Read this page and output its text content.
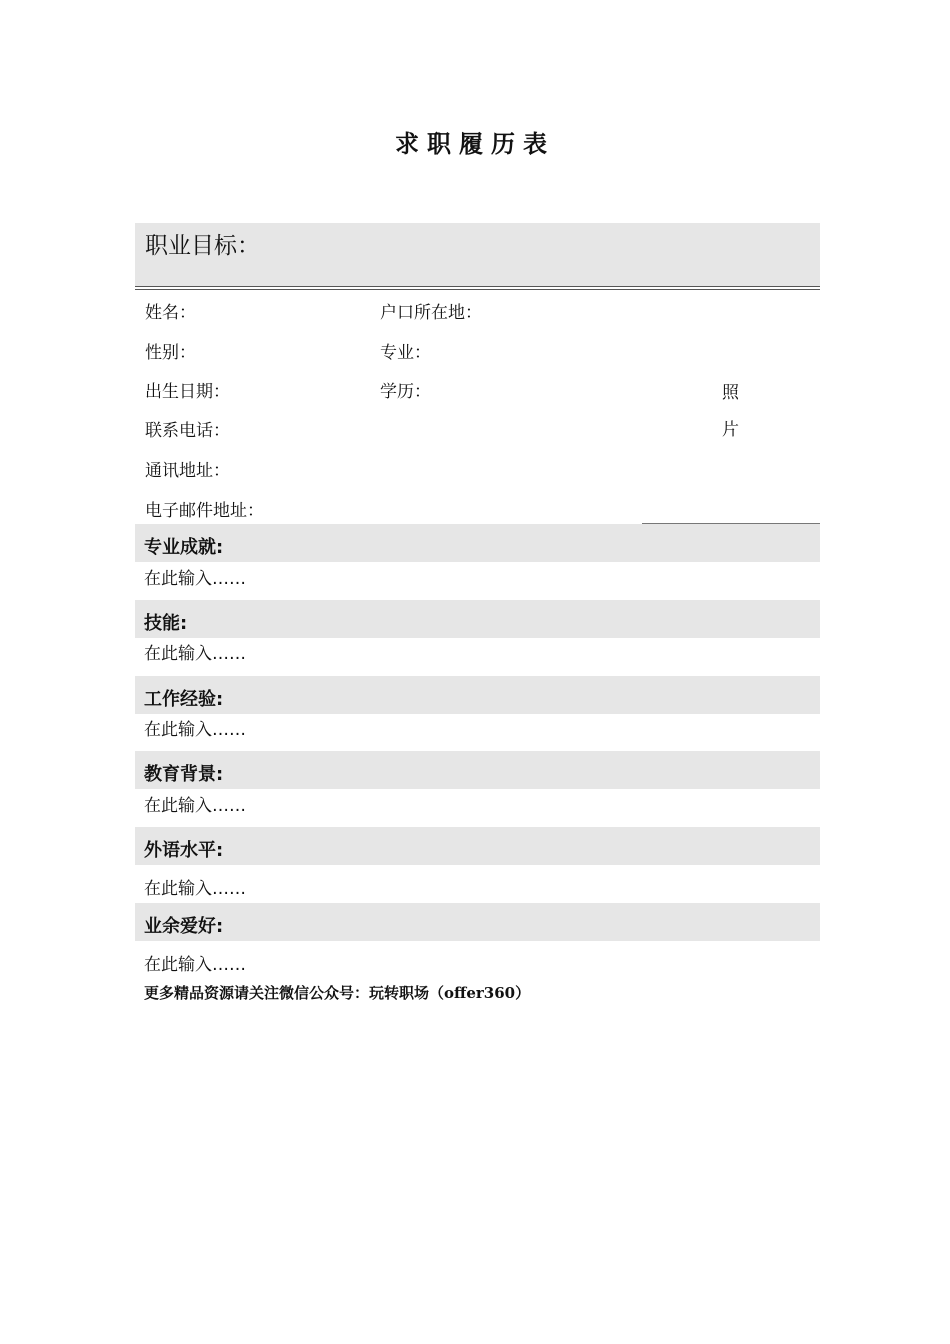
求职履历表
职业目标：
姓名：	户口所在地：
性别：	专业：
出生日期：	学历：
联系电话：
通讯地址：
电子邮件地址：
照
片
专业成就:
在此输入……
技能:
在此输入……
工作经验:
在此输入……
教育背景:
在此输入……
外语水平:
在此输入……
业余爱好:
在此输入……
更多精品资源请关注微信公众号：玩转职场（offer360）
